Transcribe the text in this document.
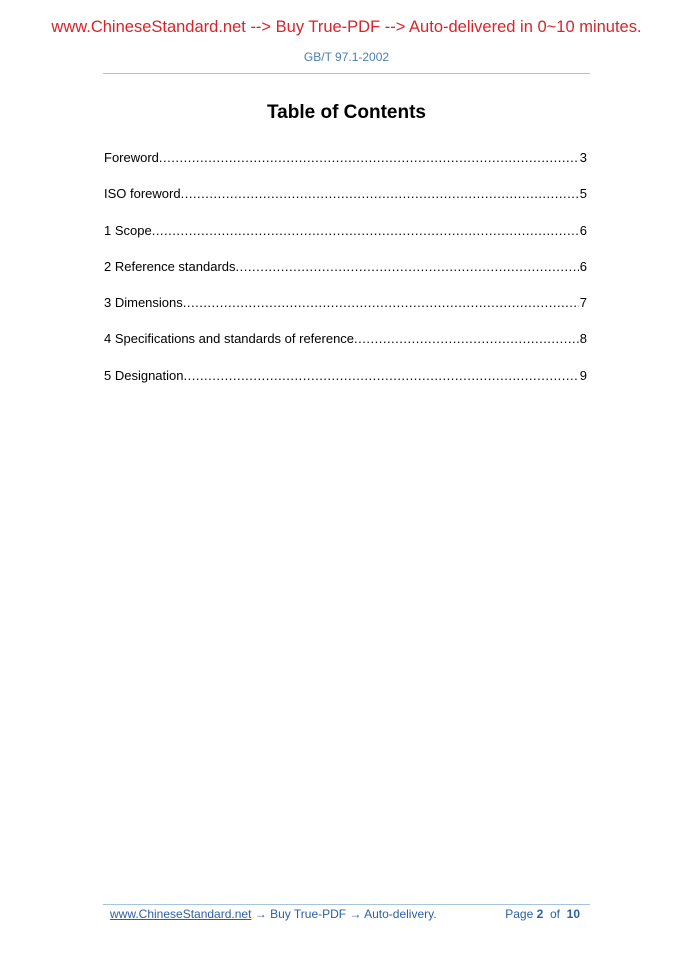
www.ChineseStandard.net --> Buy True-PDF --> Auto-delivered in 0~10 minutes.
GB/T 97.1-2002
Table of Contents
Foreword .....	3
ISO foreword .....	5
1 Scope .....	6
2 Reference standards .....	6
3 Dimensions .....	7
4 Specifications and standards of reference .....	8
5 Designation .....	9
www.ChineseStandard.net → Buy True-PDF → Auto-delivery.	Page 2 of 10
